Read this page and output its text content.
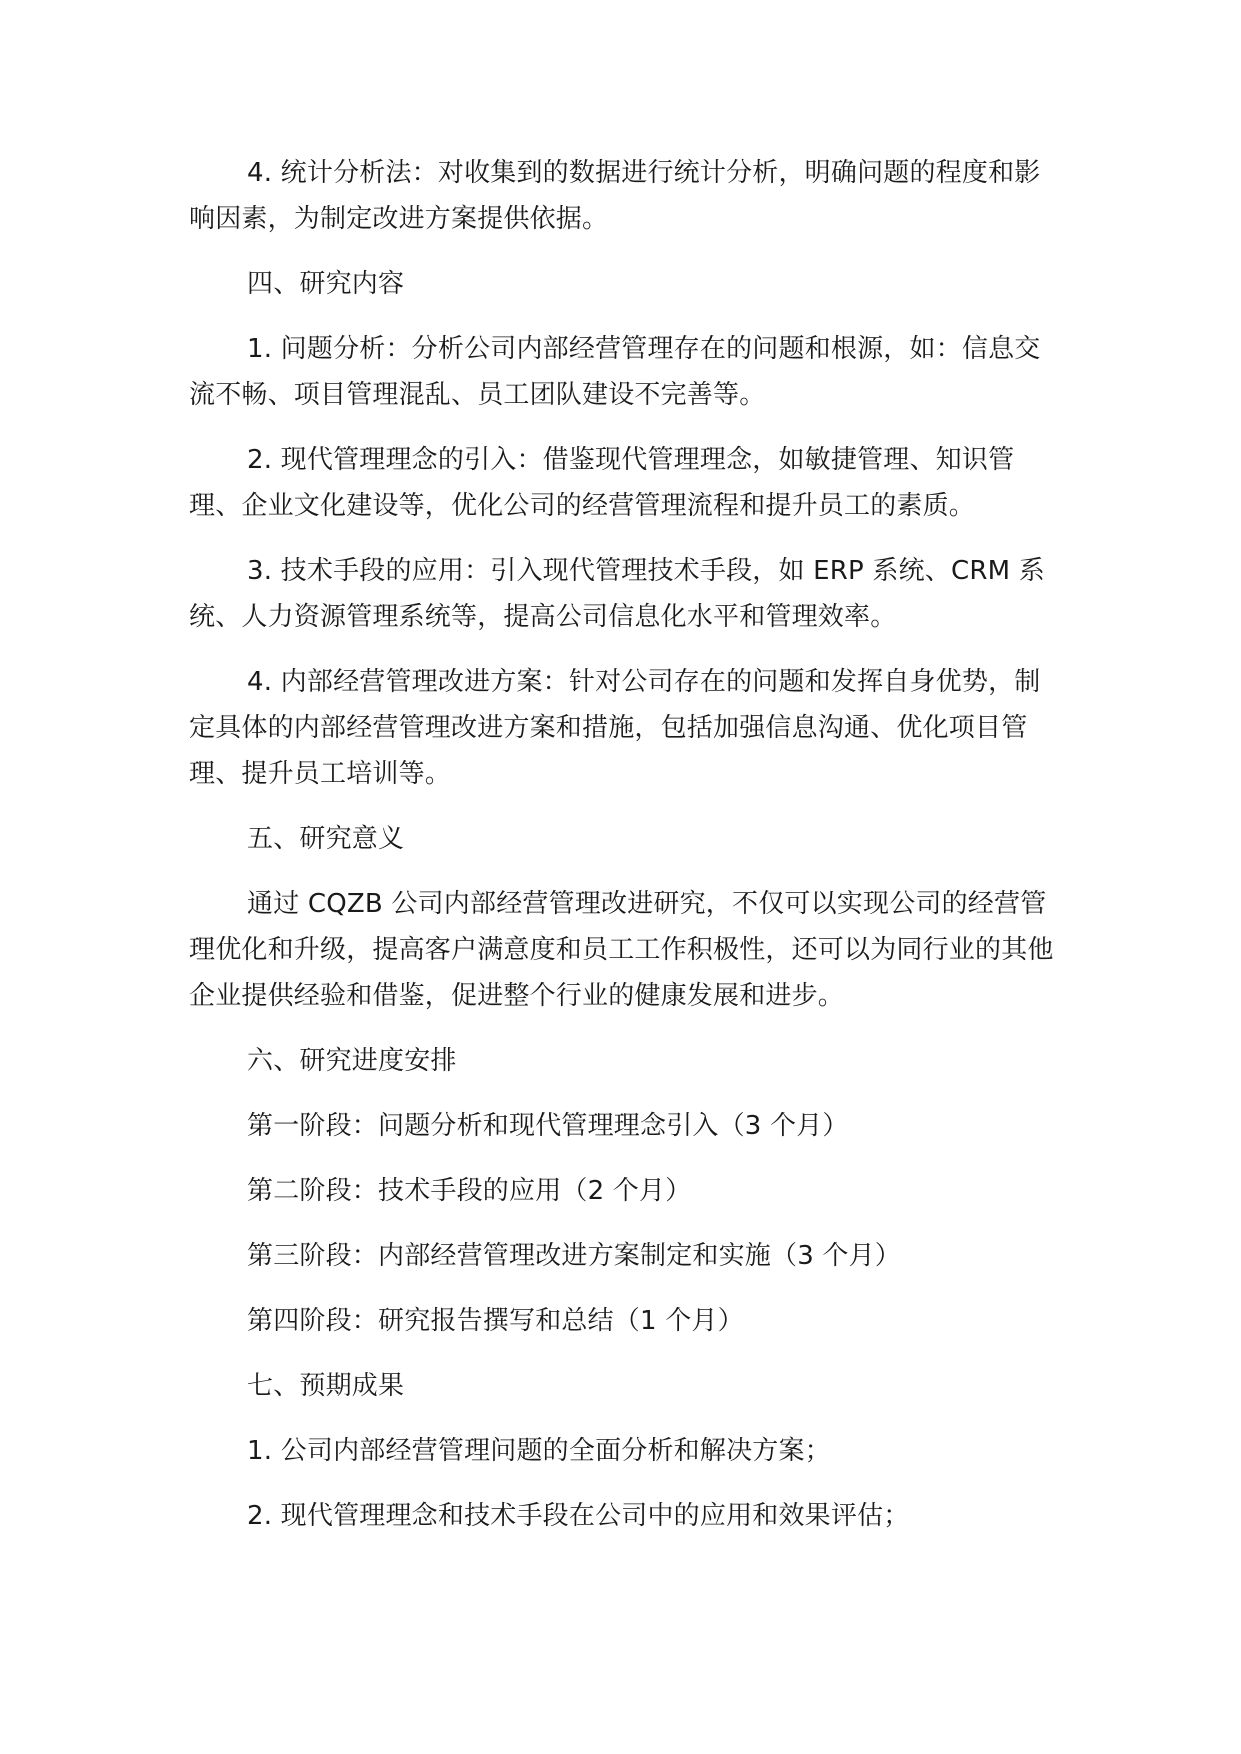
4. 统计分析法：对收集到的数据进行统计分析，明确问题的程度和影响因素，为制定改进方案提供依据。

四、研究内容

1. 问题分析：分析公司内部经营管理存在的问题和根源，如：信息交流不畅、项目管理混乱、员工团队建设不完善等。

2. 现代管理理念的引入：借鉴现代管理理念，如敏捷管理、知识管理、企业文化建设等，优化公司的经营管理流程和提升员工的素质。

3. 技术手段的应用：引入现代管理技术手段，如 ERP 系统、CRM 系统、人力资源管理系统等，提高公司信息化水平和管理效率。

4. 内部经营管理改进方案：针对公司存在的问题和发挥自身优势，制定具体的内部经营管理改进方案和措施，包括加强信息沟通、优化项目管理、提升员工培训等。

五、研究意义

通过 CQZB 公司内部经营管理改进研究，不仅可以实现公司的经营管理优化和升级，提高客户满意度和员工工作积极性，还可以为同行业的其他企业提供经验和借鉴，促进整个行业的健康发展和进步。

六、研究进度安排

第一阶段：问题分析和现代管理理念引入（3 个月）

第二阶段：技术手段的应用（2 个月）

第三阶段：内部经营管理改进方案制定和实施（3 个月）

第四阶段：研究报告撰写和总结（1 个月）

七、预期成果

1. 公司内部经营管理问题的全面分析和解决方案；

2. 现代管理理念和技术手段在公司中的应用和效果评估；
